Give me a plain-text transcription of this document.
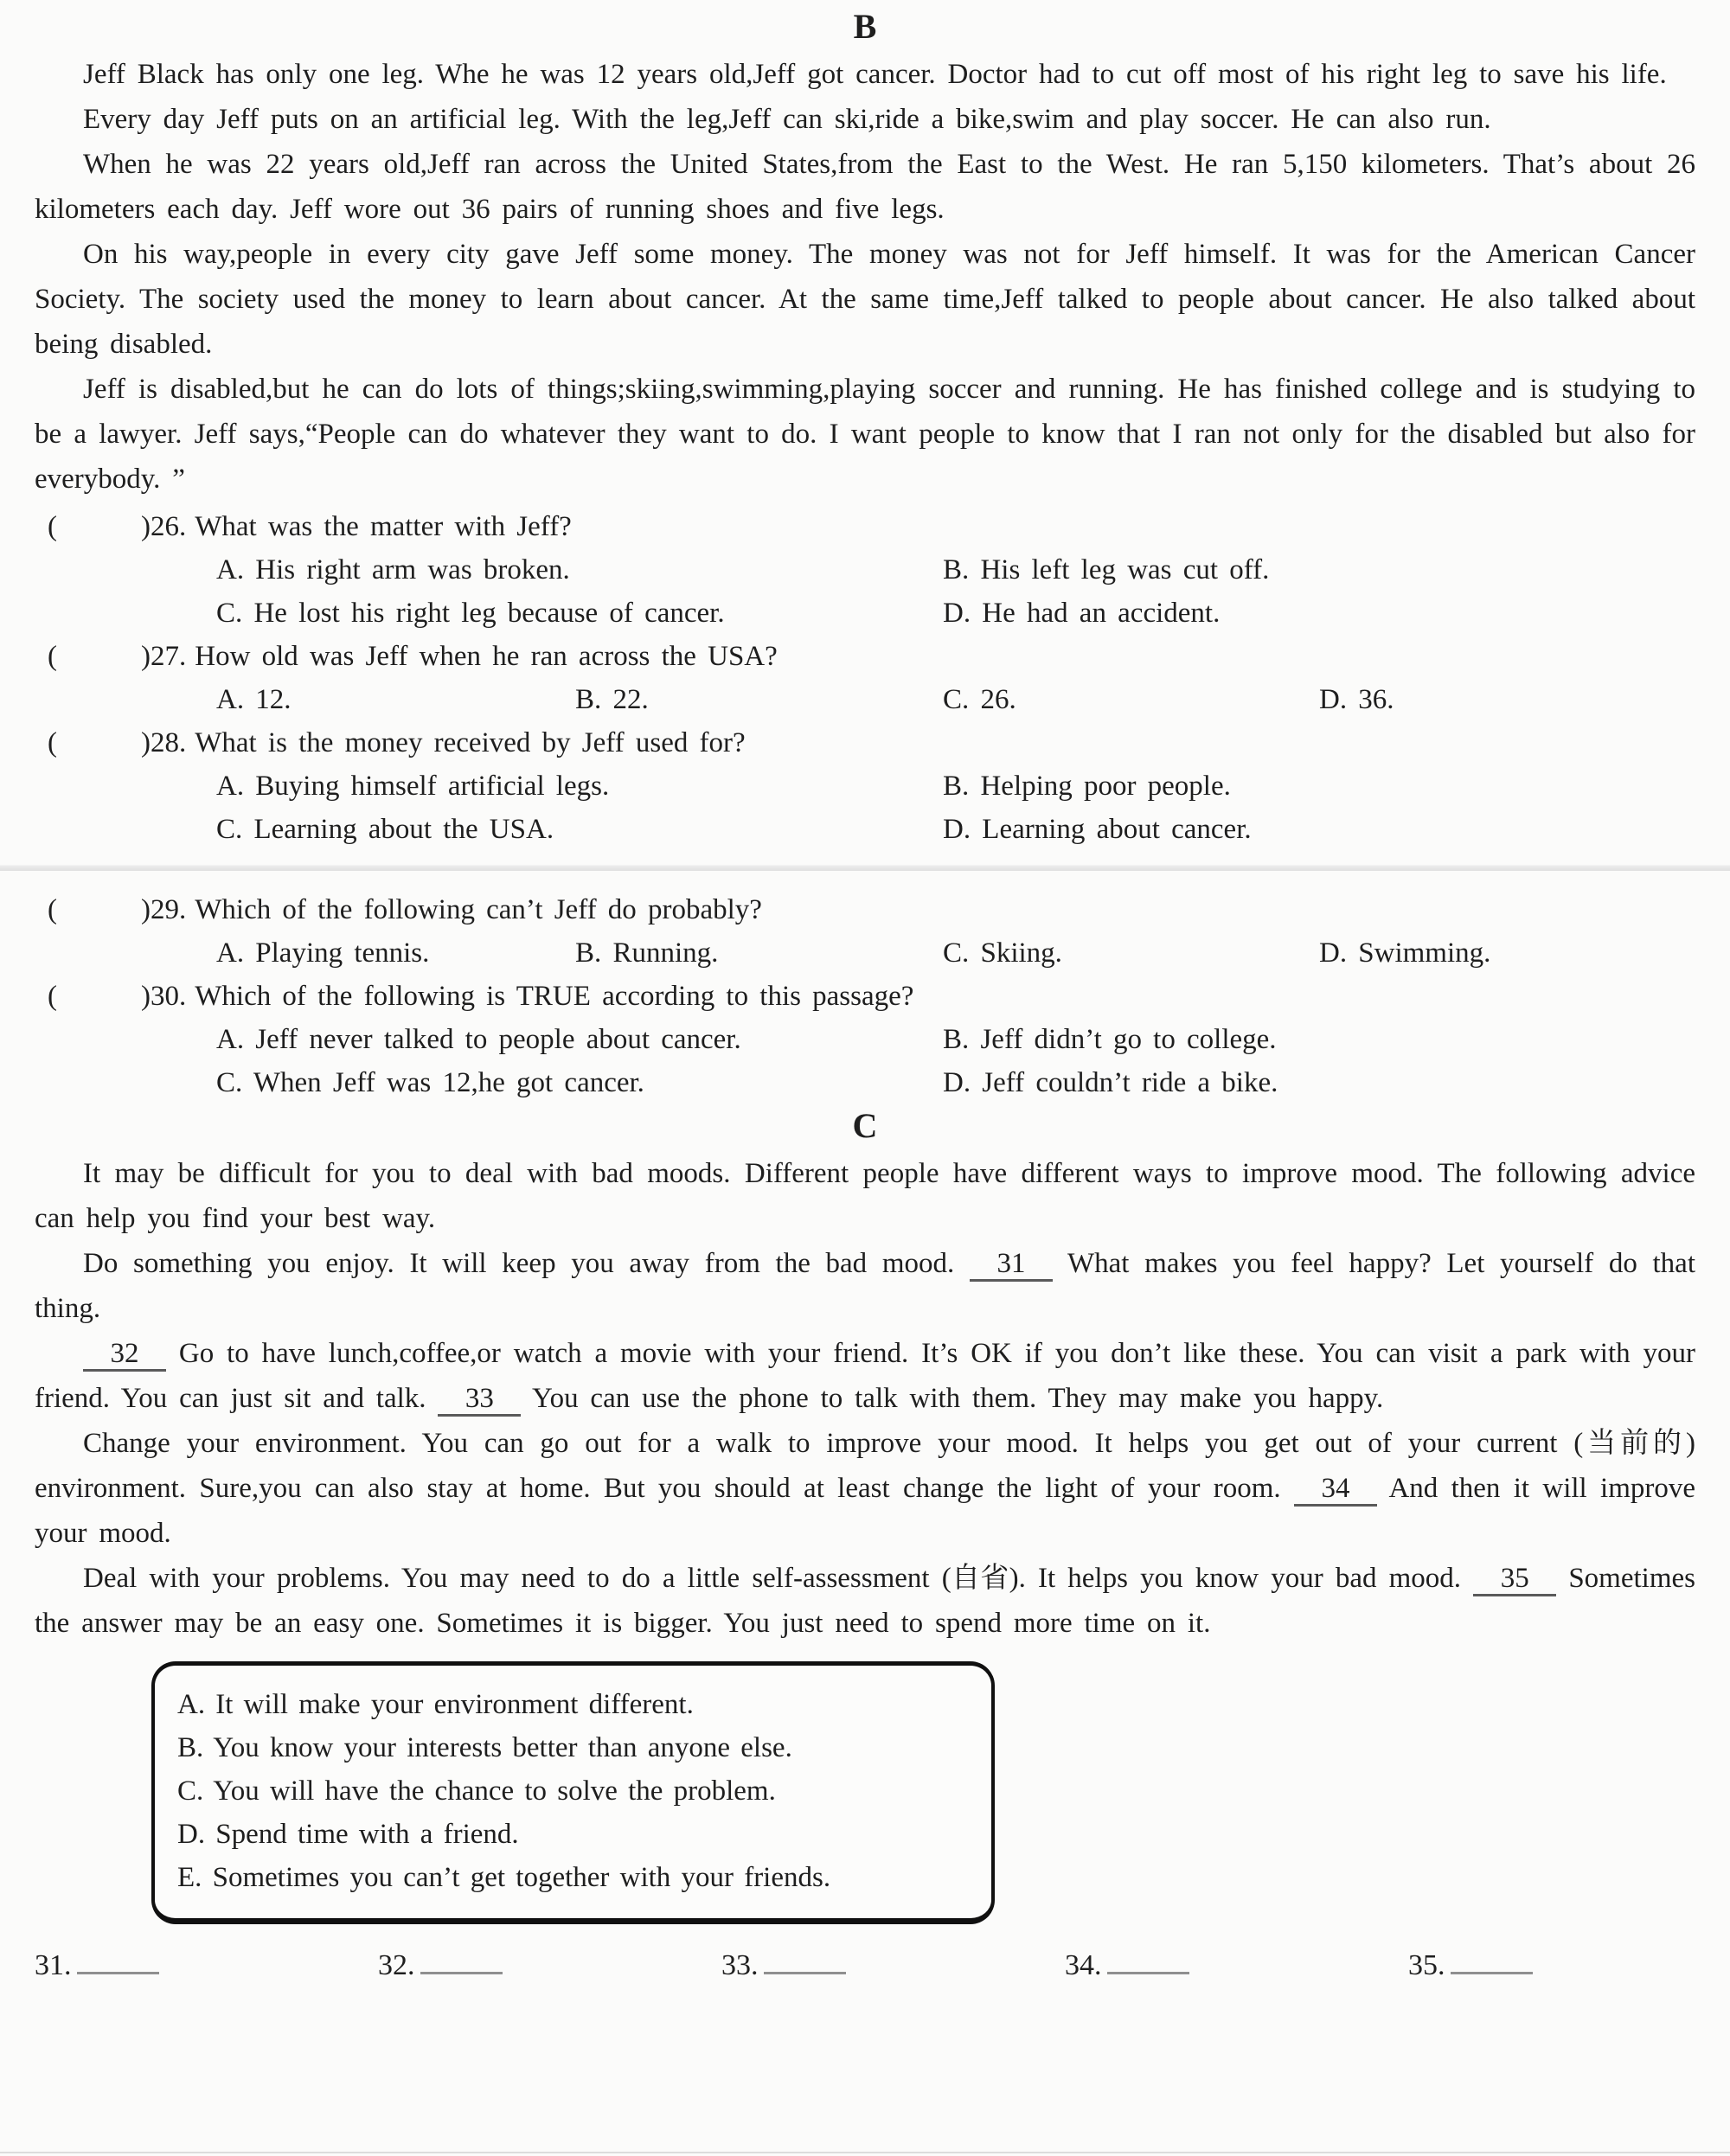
B

Jeff Black has only one leg. Whe he was 12 years old,Jeff got cancer. Doctor had to cut off most of his right leg to save his life.

Every day Jeff puts on an artificial leg. With the leg,Jeff can ski,ride a bike,swim and play soccer. He can also run.

When he was 22 years old,Jeff ran across the United States,from the East to the West. He ran 5,150 kilometers. That’s about 26 kilometers each day. Jeff wore out 36 pairs of running shoes and five legs.

On his way,people in every city gave Jeff some money. The money was not for Jeff himself. It was for the American Cancer Society. The society used the money to learn about cancer. At the same time,Jeff talked to people about cancer. He also talked about being disabled.

Jeff is disabled,but he can do lots of things;skiing,swimming,playing soccer and running. He has finished college and is studying to be a lawyer. Jeff says,“People can do whatever they want to do. I want people to know that I ran not only for the disabled but also for everybody. ”

(	)26. What was the matter with Jeff?
A. His right arm was broken.	B. His left leg was cut off.
C. He lost his right leg because of cancer.	D. He had an accident.
(	)27. How old was Jeff when he ran across the USA?
A. 12.	B. 22.	C. 26.	D. 36.
(	)28. What is the money received by Jeff used for?
A. Buying himself artificial legs.	B. Helping poor people.
C. Learning about the USA.	D. Learning about cancer.
(	)29. Which of the following can’t Jeff do probably?
A. Playing tennis.	B. Running.	C. Skiing.	D. Swimming.
(	)30. Which of the following is TRUE according to this passage?
A. Jeff never talked to people about cancer.	B. Jeff didn’t go to college.
C. When Jeff was 12,he got cancer.	D. Jeff couldn’t ride a bike.
C

It may be difficult for you to deal with bad moods. Different people have different ways to improve mood. The following advice can help you find your best way.

Do something you enjoy. It will keep you away from the bad mood. 31 What makes you feel happy? Let yourself do that thing.

32 Go to have lunch,coffee,or watch a movie with your friend. It’s OK if you don’t like these. You can visit a park with your friend. You can just sit and talk. 33 You can use the phone to talk with them. They may make you happy.

Change your environment. You can go out for a walk to improve your mood. It helps you get out of your current (当前的) environment. Sure,you can also stay at home. But you should at least change the light of your room. 34 And then it will improve your mood.

Deal with your problems. You may need to do a little self-assessment (自省). It helps you know your bad mood. 35 Sometimes the answer may be an easy one. Sometimes it is bigger. You just need to spend more time on it.

A. It will make your environment different.
B. You know your interests better than anyone else.
C. You will have the chance to solve the problem.
D. Spend time with a friend.
E. Sometimes you can’t get together with your friends.
31.	32.	33.	34.	35.
